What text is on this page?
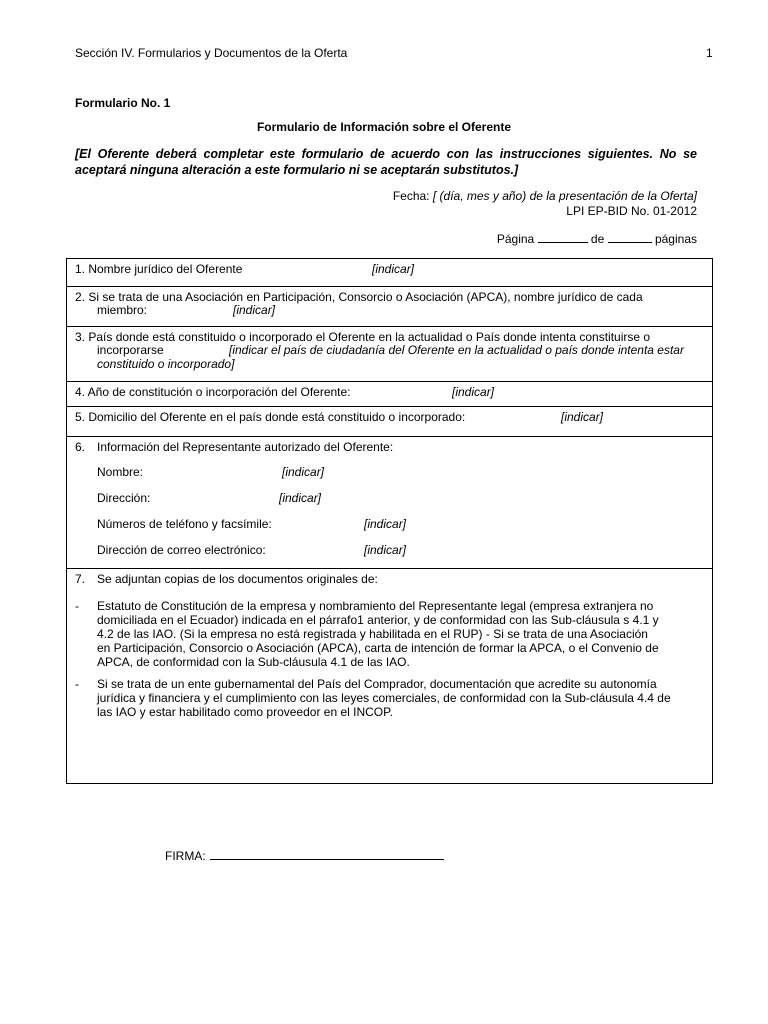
Sección IV. Formularios y Documentos de la Oferta	1
Formulario No. 1
Formulario de Información sobre el Oferente
[El Oferente deberá completar este formulario de acuerdo con las instrucciones siguientes. No se aceptará ninguna alteración a este formulario ni se aceptarán substitutos.]
Fecha: [ (día, mes y año) de la presentación de la Oferta]
LPI EP-BID No. 01-2012
Página	de	páginas
1. Nombre jurídico del Oferente	[indicar]
2. Si se trata de una Asociación en Participación, Consorcio o Asociación (APCA), nombre jurídico de cada
miembro:	[indicar]
3. País donde está constituido o incorporado el Oferente en la actualidad o País donde intenta constituirse o
incorporarse	[indicar el país de ciudadanía del Oferente en la actualidad o país donde intenta estar
constituido o incorporado]
4. Año de constitución o incorporación del Oferente:	[indicar]
5. Domicilio del Oferente en el país donde está constituido o incorporado:	[indicar]
6. Información del Representante autorizado del Oferente:
Nombre:	[indicar]
Dirección:	[indicar]
Números de teléfono y facsímile:	[indicar]
Dirección de correo electrónico:	[indicar]
7. Se adjuntan copias de los documentos originales de:
- Estatuto de Constitución de la empresa y nombramiento del Representante legal (empresa extranjera no
domiciliada en el Ecuador) indicada en el párrafo1 anterior, y de conformidad con las Sub-cláusula s 4.1 y
4.2 de las IAO. (Si la empresa no está registrada y habilitada en el RUP) - Si se trata de una Asociación
en Participación, Consorcio o Asociación (APCA), carta de intención de formar la APCA, o el Convenio de
APCA, de conformidad con la Sub-cláusula 4.1 de las IAO.
- Si se trata de un ente gubernamental del País del Comprador, documentación que acredite su autonomía
jurídica y financiera y el cumplimiento con las leyes comerciales, de conformidad con la Sub-cláusula 4.4 de
las IAO y estar habilitado como proveedor en el INCOP.
FIRMA:
